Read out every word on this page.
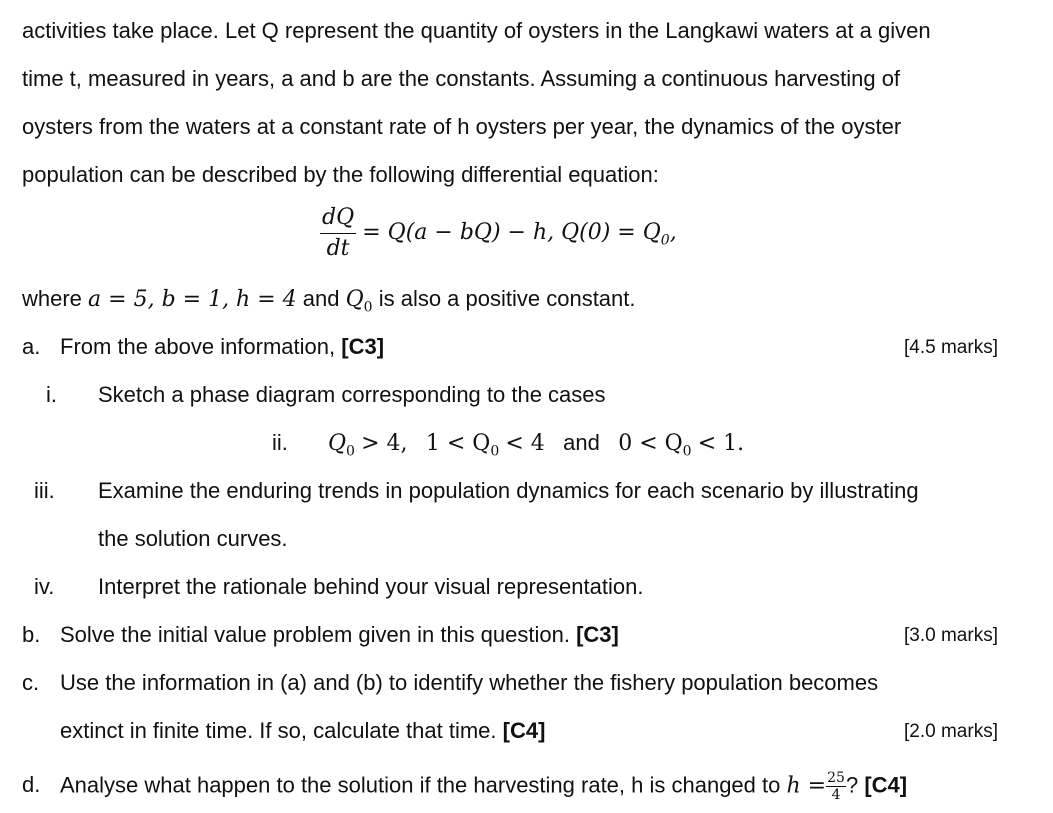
activities take place. Let Q represent the quantity of oysters in the Langkawi waters at a given
time t, measured in years, a and b are the constants. Assuming a continuous harvesting of
oysters from the waters at a constant rate of h oysters per year, the dynamics of the oyster
population can be described by the following differential equation:
$\frac{dQ}{dt} = Q(a - bQ) - h$, $Q(0) = Q_0$,
where a = 5, b = 1, h = 4 and $Q_0$ is also a positive constant.
a. From the above information, [C3]	[4.5 marks]
i. Sketch a phase diagram corresponding to the cases
ii. $Q_0 > 4$, $1 < Q_0 < 4$ and $0 < Q_0 < 1$.
iii. Examine the enduring trends in population dynamics for each scenario by illustrating
the solution curves.
iv. Interpret the rationale behind your visual representation.
b. Solve the initial value problem given in this question. [C3]	[3.0 marks]
c. Use the information in (a) and (b) to identify whether the fishery population becomes
extinct in finite time. If so, calculate that time. [C4]	[2.0 marks]
d. Analyse what happen to the solution if the harvesting rate, h is changed to $h = \frac{25}{4}$ ? [C4]
